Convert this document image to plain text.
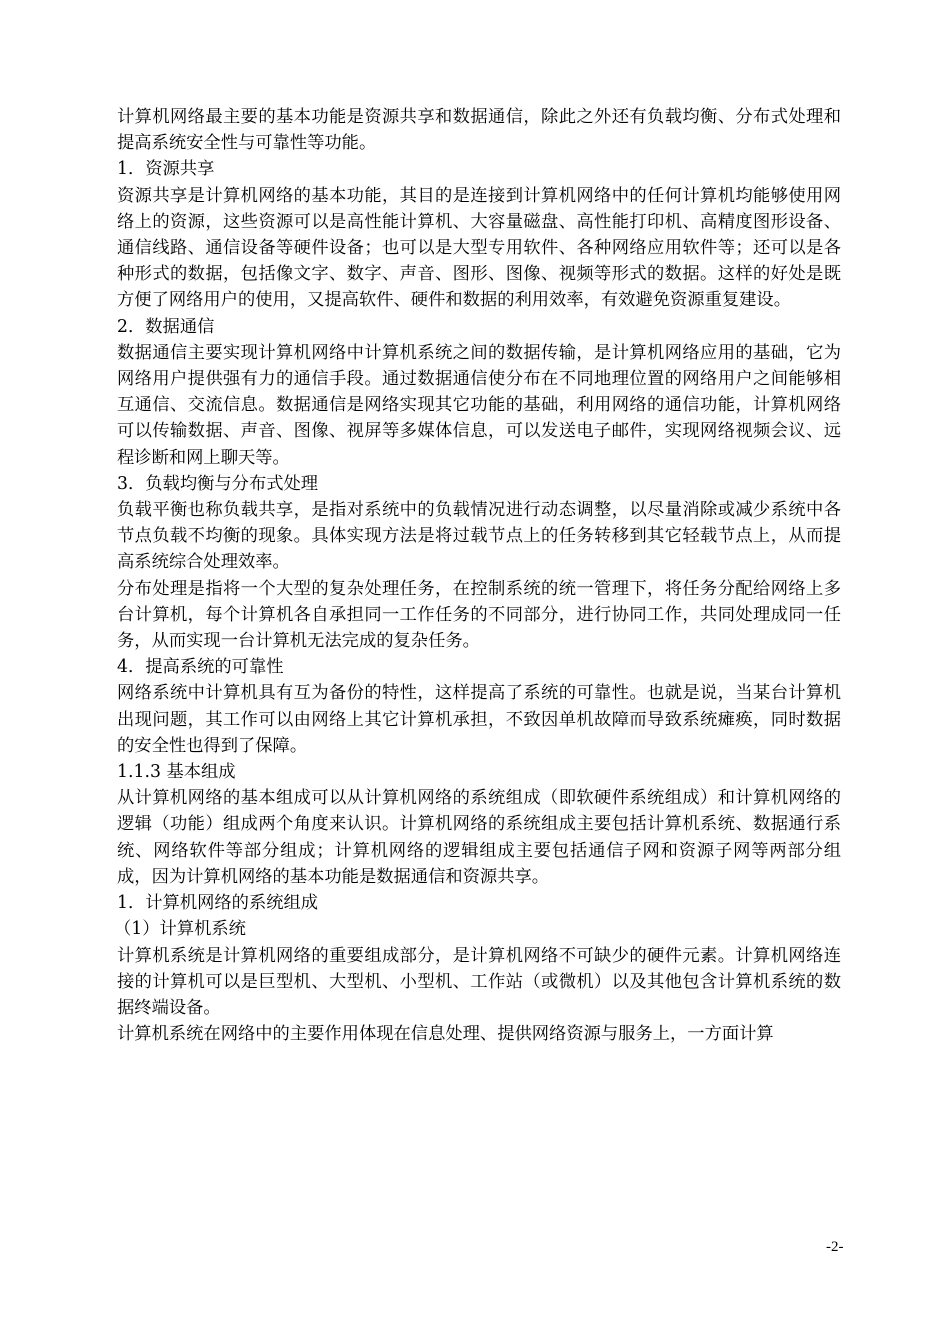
计算机网络最主要的基本功能是资源共享和数据通信，除此之外还有负载均衡、分布式处理和提高系统安全性与可靠性等功能。

1．资源共享

资源共享是计算机网络的基本功能，其目的是连接到计算机网络中的任何计算机均能够使用网络上的资源，这些资源可以是高性能计算机、大容量磁盘、高性能打印机、高精度图形设备、通信线路、通信设备等硬件设备；也可以是大型专用软件、各种网络应用软件等；还可以是各种形式的数据，包括像文字、数字、声音、图形、图像、视频等形式的数据。这样的好处是既方便了网络用户的使用，又提高软件、硬件和数据的利用效率，有效避免资源重复建设。

2．数据通信

数据通信主要实现计算机网络中计算机系统之间的数据传输，是计算机网络应用的基础，它为网络用户提供强有力的通信手段。通过数据通信使分布在不同地理位置的网络用户之间能够相互通信、交流信息。数据通信是网络实现其它功能的基础，利用网络的通信功能，计算机网络可以传输数据、声音、图像、视屏等多媒体信息，可以发送电子邮件，实现网络视频会议、远程诊断和网上聊天等。

3．负载均衡与分布式处理

负载平衡也称负载共享，是指对系统中的负载情况进行动态调整，以尽量消除或减少系统中各节点负载不均衡的现象。具体实现方法是将过载节点上的任务转移到其它轻载节点上，从而提高系统综合处理效率。

分布处理是指将一个大型的复杂处理任务，在控制系统的统一管理下，将任务分配给网络上多台计算机，每个计算机各自承担同一工作任务的不同部分，进行协同工作，共同处理成同一任务，从而实现一台计算机无法完成的复杂任务。

4．提高系统的可靠性

网络系统中计算机具有互为备份的特性，这样提高了系统的可靠性。也就是说，当某台计算机出现问题，其工作可以由网络上其它计算机承担，不致因单机故障而导致系统瘫痪，同时数据的安全性也得到了保障。

1.1.3 基本组成

从计算机网络的基本组成可以从计算机网络的系统组成（即软硬件系统组成）和计算机网络的逻辑（功能）组成两个角度来认识。计算机网络的系统组成主要包括计算机系统、数据通行系统、网络软件等部分组成；计算机网络的逻辑组成主要包括通信子网和资源子网等两部分组成，因为计算机网络的基本功能是数据通信和资源共享。

1．计算机网络的系统组成

（1）计算机系统

计算机系统是计算机网络的重要组成部分，是计算机网络不可缺少的硬件元素。计算机网络连接的计算机可以是巨型机、大型机、小型机、工作站（或微机）以及其他包含计算机系统的数据终端设备。

计算机系统在网络中的主要作用体现在信息处理、提供网络资源与服务上，一方面计算

-2-
